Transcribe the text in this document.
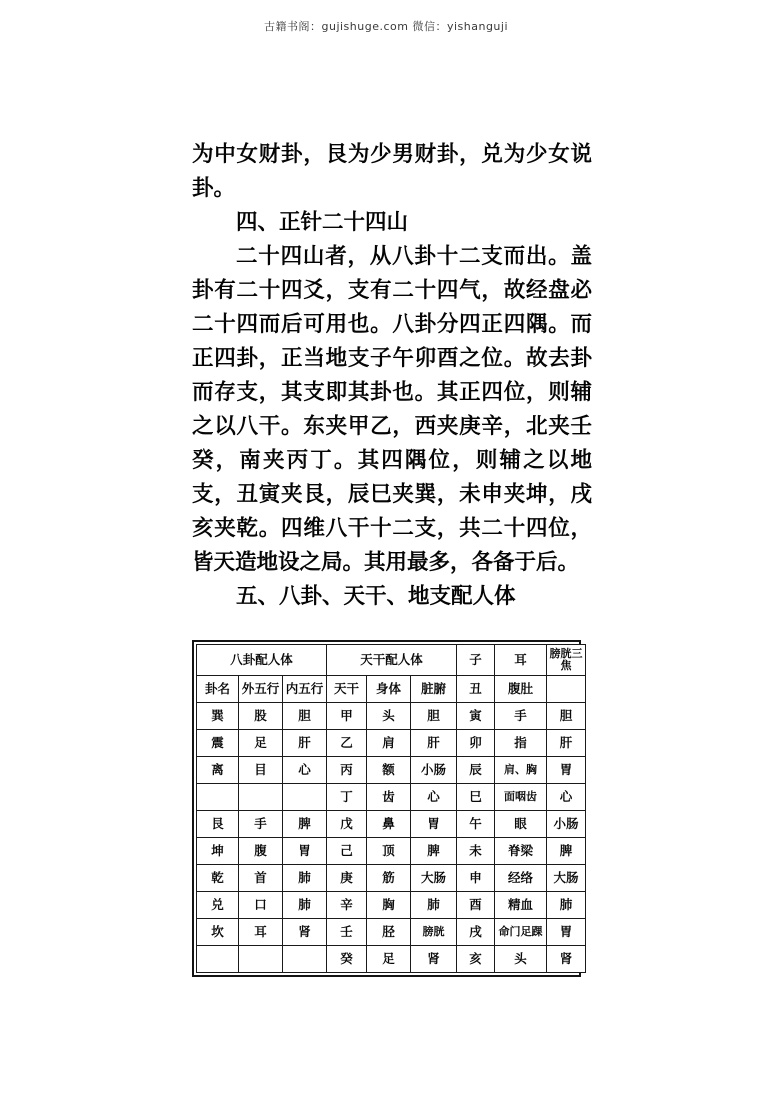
古籍书阁：gujishuge.com 微信：yishanguji

为中女财卦，艮为少男财卦，兑为少女说卦。

四、正针二十四山

二十四山者，从八卦十二支而出。盖卦有二十四爻，支有二十四气，故经盘必二十四而后可用也。八卦分四正四隅。而正四卦，正当地支子午卯酉之位。故去卦而存支，其支即其卦也。其正四位，则辅之以八干。东夹甲乙，西夹庚辛，北夹壬癸，南夹丙丁。其四隅位，则辅之以地支，丑寅夹艮，辰巳夹巽，未申夹坤，戌亥夹乾。四维八干十二支，共二十四位，皆天造地设之局。其用最多，各备于后。

五、八卦、天干、地支配人体

八卦配人体			天干配人体			子	耳	膀胱三焦
卦名	外五行	内五行	天干	身体	脏腑	丑	腹肚	
巽	股	胆	甲	头	胆	寅	手	胆
震	足	肝	乙	肩	肝	卯	指	肝
离	目	心	丙	额	小肠	辰	肩、胸	胃
			丁	齿	心	巳	面咽齿	心
艮	手	脾	戊	鼻	胃	午	眼	小肠
坤	腹	胃	己	顶	脾	未	脊梁	脾
乾	首	肺	庚	筋	大肠	申	经络	大肠
兑	口	肺	辛	胸	肺	酉	精血	肺
坎	耳	肾	壬	胫	膀胱	戌	命门足踝	胃
			癸	足	肾	亥	头	肾
